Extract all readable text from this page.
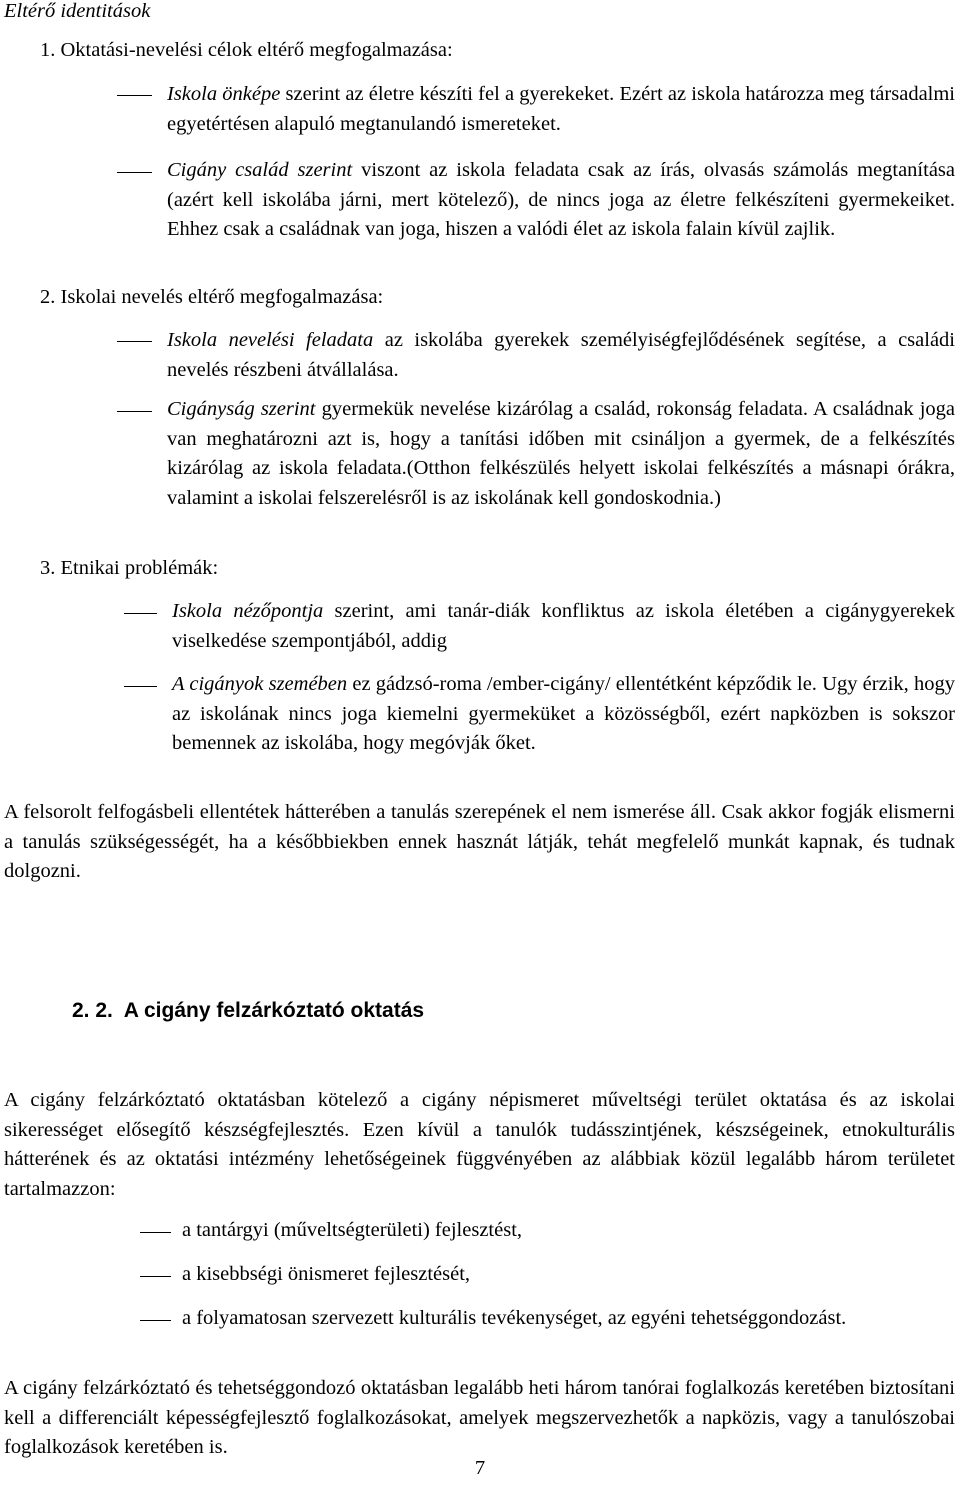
Eltérő identitások

1. Oktatási-nevelési célok eltérő megfogalmazása:

Iskola önképe szerint az életre készíti fel a gyerekeket. Ezért az iskola határozza meg társadalmi egyetértésen alapuló megtanulandó ismereteket.

Cigány család szerint viszont az iskola feladata csak az írás, olvasás számolás megtanítása (azért kell iskolába járni, mert kötelező), de nincs joga az életre felkészíteni gyermekeiket. Ehhez csak a családnak van joga, hiszen a valódi élet az iskola falain kívül zajlik.

2. Iskolai nevelés eltérő megfogalmazása:

Iskola nevelési feladata az iskolába gyerekek személyiségfejlődésének segítése, a családi nevelés részbeni átvállalása.

Cigányság szerint gyermekük nevelése kizárólag a család, rokonság feladata. A családnak joga van meghatározni azt is, hogy a tanítási időben mit csináljon a gyermek, de a felkészítés kizárólag az iskola feladata.(Otthon felkészülés helyett iskolai felkészítés a másnapi órákra, valamint a iskolai felszerelésről is az iskolának kell gondoskodnia.)

3. Etnikai problémák:

Iskola nézőpontja szerint, ami tanár-diák konfliktus az iskola életében a cigánygyerekek viselkedése szempontjából, addig

A cigányok szemében ez gádzsó-roma /ember-cigány/ ellentétként képződik le. Ugy érzik, hogy az iskolának nincs joga kiemelni gyermeküket a közösségből, ezért napközben is sokszor bemennek az iskolába, hogy megóvják őket.

A felsorolt felfogásbeli ellentétek hátterében a tanulás szerepének el nem ismerése áll. Csak akkor fogják elismerni a tanulás szükségességét, ha a későbbiekben ennek hasznát látják, tehát megfelelő munkát kapnak, és tudnak dolgozni.

2. 2. A cigány felzárkóztató oktatás

A cigány felzárkóztató oktatásban kötelező a cigány népismeret műveltségi terület oktatása és az iskolai sikerességet elősegítő készségfejlesztés. Ezen kívül a tanulók tudásszintjének, készségeinek, etnokulturális hátterének és az oktatási intézmény lehetőségeinek függvényében az alábbiak közül legalább három területet tartalmazzon:

a tantárgyi (műveltségterületi) fejlesztést,

a kisebbségi önismeret fejlesztését,

a folyamatosan szervezett kulturális tevékenységet, az egyéni tehetséggondozást.

A cigány felzárkóztató és tehetséggondozó oktatásban legalább heti három tanórai foglalkozás keretében biztosítani kell a differenciált képességfejlesztő foglalkozásokat, amelyek megszervezhetők a napközis, vagy a tanulószobai foglalkozások keretében is.

7
